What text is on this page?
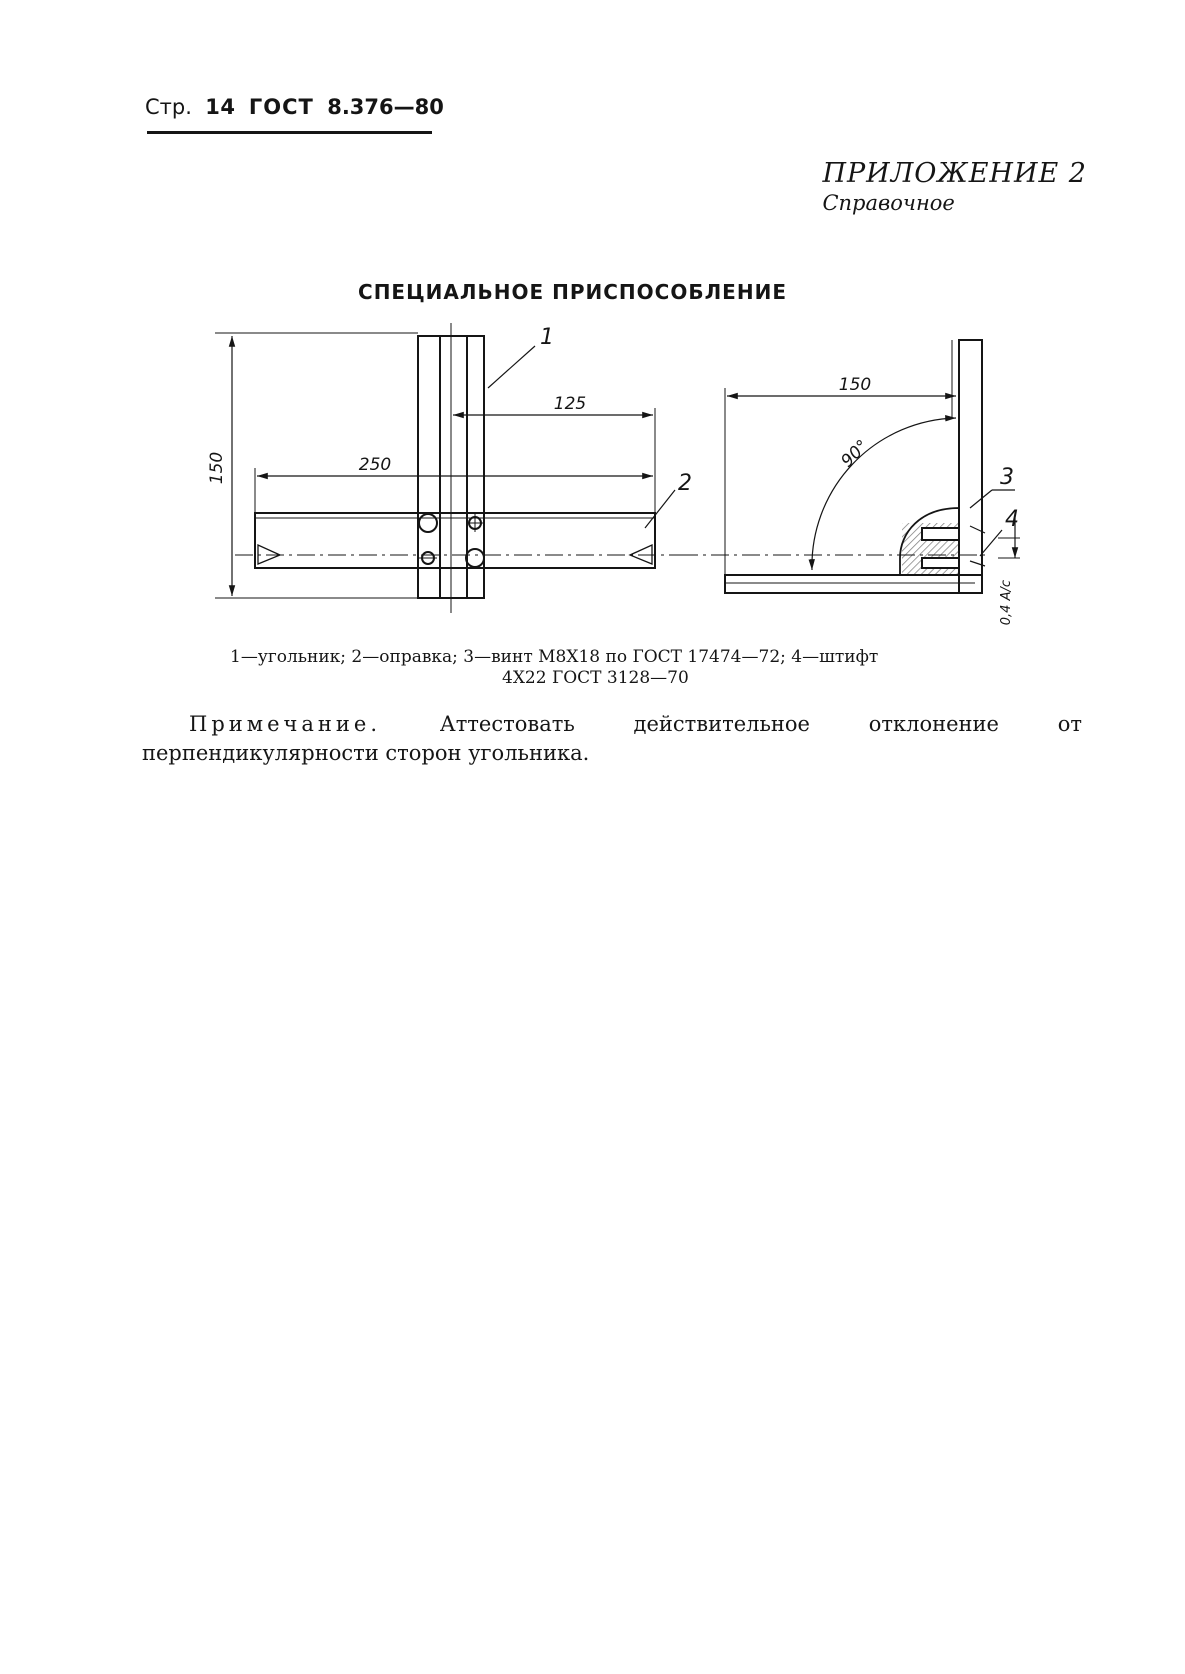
Стр. 14 ГОСТ 8.376—80
ПРИЛОЖЕНИЕ 2
Справочное
СПЕЦИАЛЬНОЕ ПРИСПОСОБЛЕНИЕ
150	250
125
1
2
150
90°
0,4 A/с
3
4
1—угольник; 2—оправка; 3—винт М8Х18 по ГОСТ 17474—72; 4—штифт
4Х22 ГОСТ 3128—70
Примечание. Аттестовать действительное отклонение от перпендикулярности сторон угольника.
